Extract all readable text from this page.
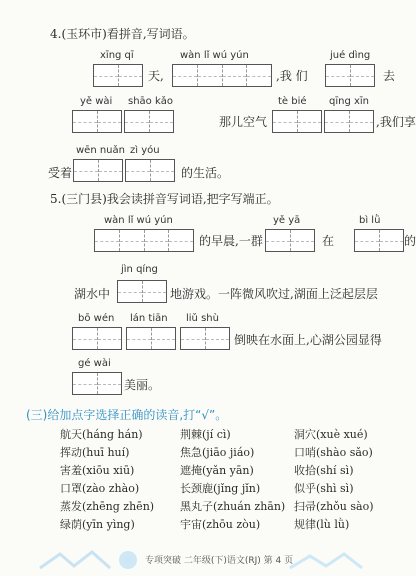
4.(玉环市)看拼音,写词语。
xīng qī	wàn lǐ wú yún	jué dìng
天,	,我 们	去
yě wài shāo kǎo	tè bié qīng xīn
那儿空气	,我们享
wēn nuǎn zì yóu
受着	的生活。
5.(三门县)我会读拼音写词语,把字写端正。
wàn lǐ wú yún	yě yā	bì lǜ
的早晨,一群	在	的
jìn qíng
湖水中	地游戏。一阵微风吹过,湖面上泛起层层
bō wén lán tiān liǔ shù
倒映在水面上,心湖公园显得
gé wài
美丽。
(三)给加点字选择正确的读音,打“√”。
航天(háng hán)	荆棘(jí cì)	洞穴(xuè xué)
挥动(huī huí)	焦急(jiāo jiáo)	口哨(shào sǎo)
害羞(xiōu xiū)	遮掩(yǎn yān)	收拾(shí sì)
口罩(zào zhào)	长颈鹿(jǐng jǐn)	似乎(shì sì)
蒸发(zhēng zhēn) 黑丸子(zhuán zhān) 扫帚(zhǒu sào)
绿荫(yīn yìng)	宇宙(zhōu zòu)	规律(lù lǜ)
专项突破 二年级(下)语文(RJ) 第 4 页
